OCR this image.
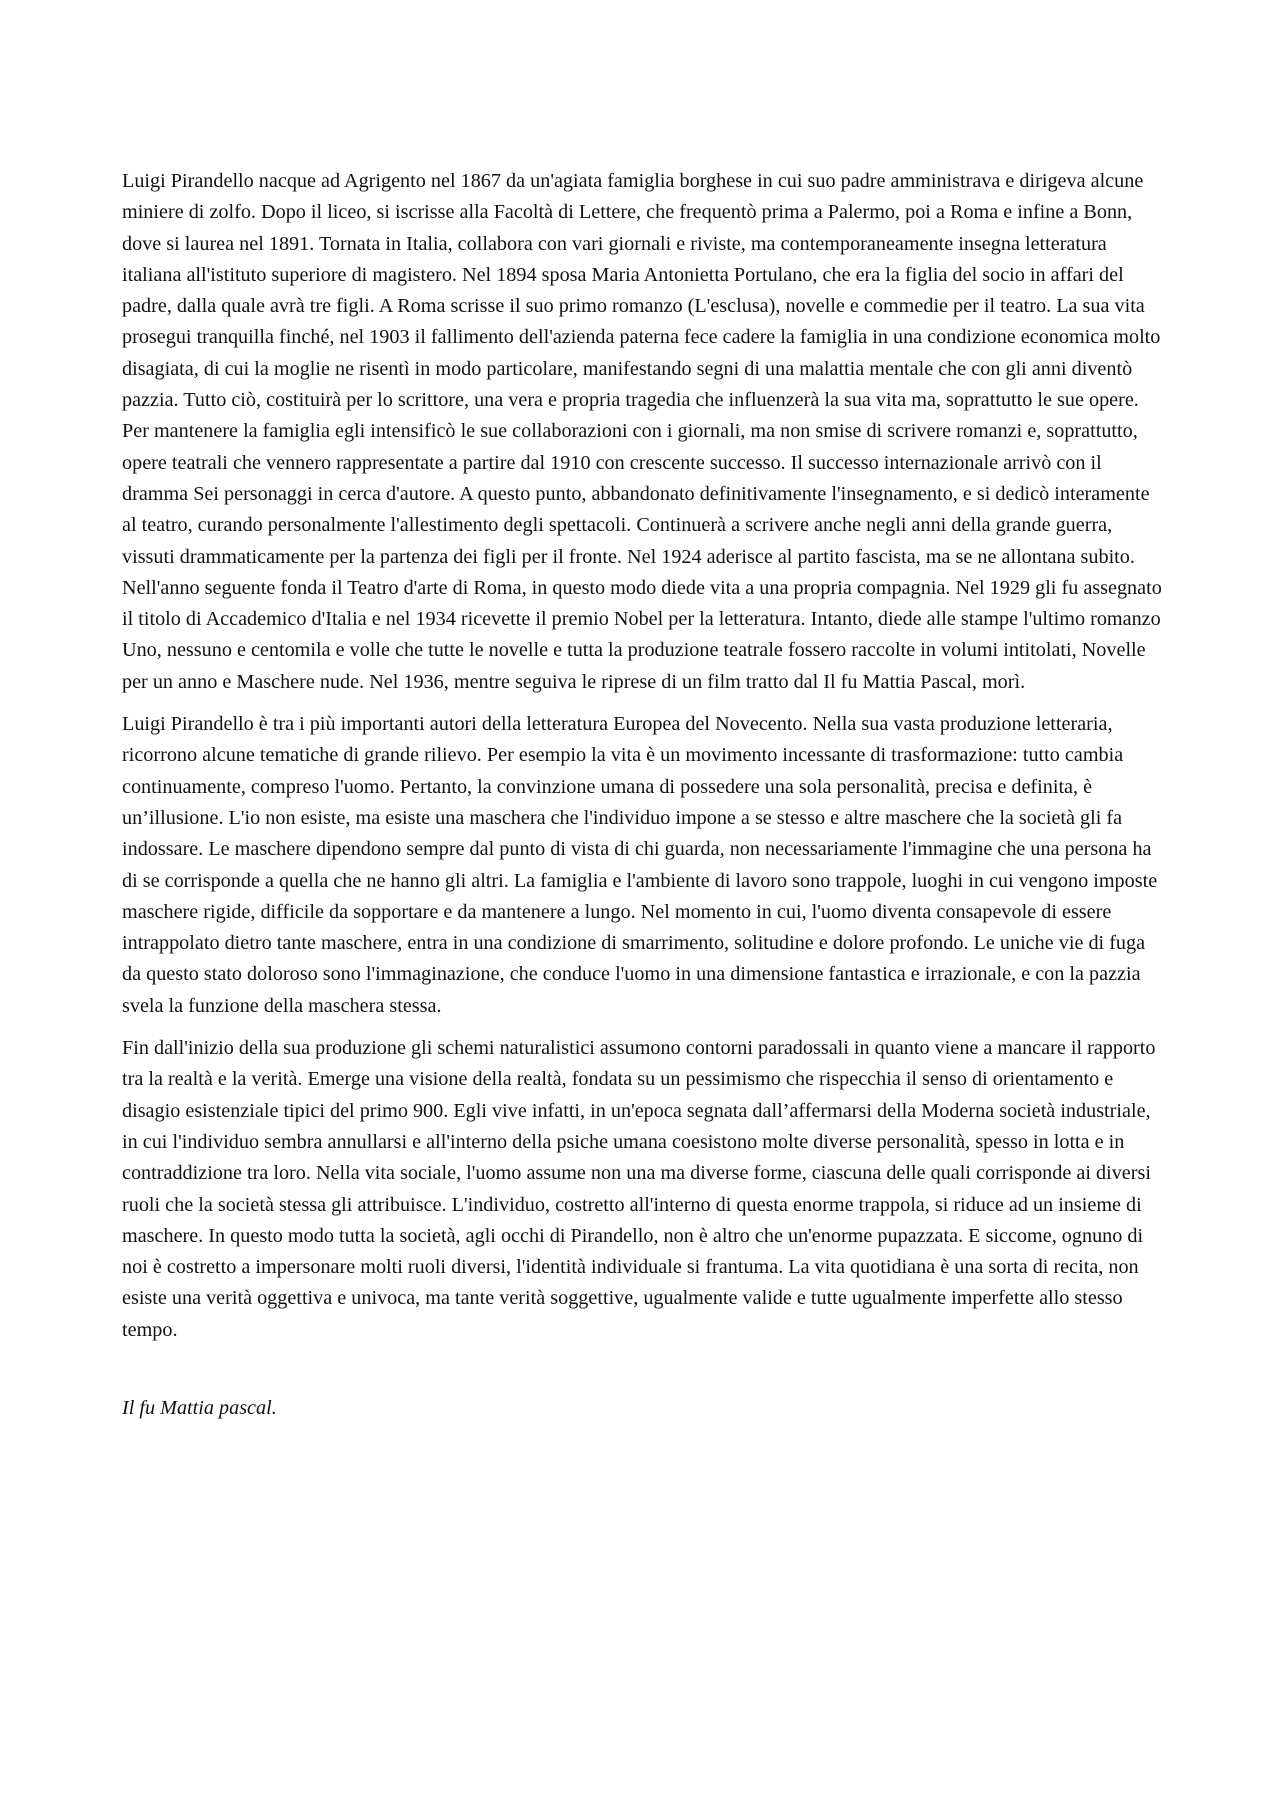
Luigi Pirandello nacque ad Agrigento nel 1867 da un'agiata famiglia borghese in cui suo padre amministrava e dirigeva alcune miniere di zolfo. Dopo il liceo, si iscrisse alla Facoltà di Lettere, che frequentò prima a Palermo, poi a Roma e infine a Bonn, dove si laurea nel 1891. Tornata in Italia, collabora con vari giornali e riviste, ma contemporaneamente insegna letteratura italiana all'istituto superiore di magistero. Nel 1894 sposa Maria Antonietta Portulano, che era la figlia del socio in affari del padre, dalla quale avrà tre figli. A Roma scrisse il suo primo romanzo (L'esclusa), novelle e commedie per il teatro. La sua vita prosegui tranquilla finché, nel 1903 il fallimento dell'azienda paterna fece cadere la famiglia in una condizione economica molto disagiata, di cui la moglie ne risentì in modo particolare, manifestando segni di una malattia mentale che con gli anni diventò pazzia. Tutto ciò, costituirà per lo scrittore, una vera e propria tragedia che influenzerà la sua vita ma, soprattutto le sue opere. Per mantenere la famiglia egli intensificò le sue collaborazioni con i giornali, ma non smise di scrivere romanzi e, soprattutto, opere teatrali che vennero rappresentate a partire dal 1910 con crescente successo. Il successo internazionale arrivò con il dramma Sei personaggi in cerca d'autore. A questo punto, abbandonato definitivamente l'insegnamento, e si dedicò interamente al teatro, curando personalmente l'allestimento degli spettacoli. Continuerà a scrivere anche negli anni della grande guerra, vissuti drammaticamente per la partenza dei figli per il fronte. Nel 1924 aderisce al partito fascista, ma se ne allontana subito. Nell'anno seguente fonda il Teatro d'arte di Roma, in questo modo diede vita a una propria compagnia. Nel 1929 gli fu assegnato il titolo di Accademico d'Italia e nel 1934 ricevette il premio Nobel per la letteratura. Intanto, diede alle stampe l'ultimo romanzo Uno, nessuno e centomila e volle che tutte le novelle e tutta la produzione teatrale fossero raccolte in volumi intitolati, Novelle per un anno e Maschere nude. Nel 1936, mentre seguiva le riprese di un film tratto dal Il fu Mattia Pascal, morì.

Luigi Pirandello è tra i più importanti autori della letteratura Europea del Novecento. Nella sua vasta produzione letteraria, ricorrono alcune tematiche di grande rilievo. Per esempio la vita è un movimento incessante di trasformazione: tutto cambia continuamente, compreso l'uomo. Pertanto, la convinzione umana di possedere una sola personalità, precisa e definita, è un’illusione. L'io non esiste, ma esiste una maschera che l'individuo impone a se stesso e altre maschere che la società gli fa indossare. Le maschere dipendono sempre dal punto di vista di chi guarda, non necessariamente l'immagine che una persona ha di se corrisponde a quella che ne hanno gli altri. La famiglia e l'ambiente di lavoro sono trappole, luoghi in cui vengono imposte maschere rigide, difficile da sopportare e da mantenere a lungo. Nel momento in cui, l'uomo diventa consapevole di essere intrappolato dietro tante maschere, entra in una condizione di smarrimento, solitudine e dolore profondo. Le uniche vie di fuga da questo stato doloroso sono l'immaginazione, che conduce l'uomo in una dimensione fantastica e irrazionale, e con la pazzia svela la funzione della maschera stessa.

Fin dall'inizio della sua produzione gli schemi naturalistici assumono contorni paradossali in quanto viene a mancare il rapporto tra la realtà e la verità. Emerge una visione della realtà, fondata su un pessimismo che rispecchia il senso di orientamento e disagio esistenziale tipici del primo 900. Egli vive infatti, in un'epoca segnata dall’affermarsi della Moderna società industriale, in cui l'individuo sembra annullarsi e all'interno della psiche umana coesistono molte diverse personalità, spesso in lotta e in contraddizione tra loro. Nella vita sociale, l'uomo assume non una ma diverse forme, ciascuna delle quali corrisponde ai diversi ruoli che la società stessa gli attribuisce. L'individuo, costretto all'interno di questa enorme trappola, si riduce ad un insieme di maschere. In questo modo tutta la società, agli occhi di Pirandello, non è altro che un'enorme pupazzata. E siccome, ognuno di noi è costretto a impersonare molti ruoli diversi, l'identità individuale si frantuma. La vita quotidiana è una sorta di recita, non esiste una verità oggettiva e univoca, ma tante verità soggettive, ugualmente valide e tutte ugualmente imperfette allo stesso tempo.

Il fu Mattia pascal.
